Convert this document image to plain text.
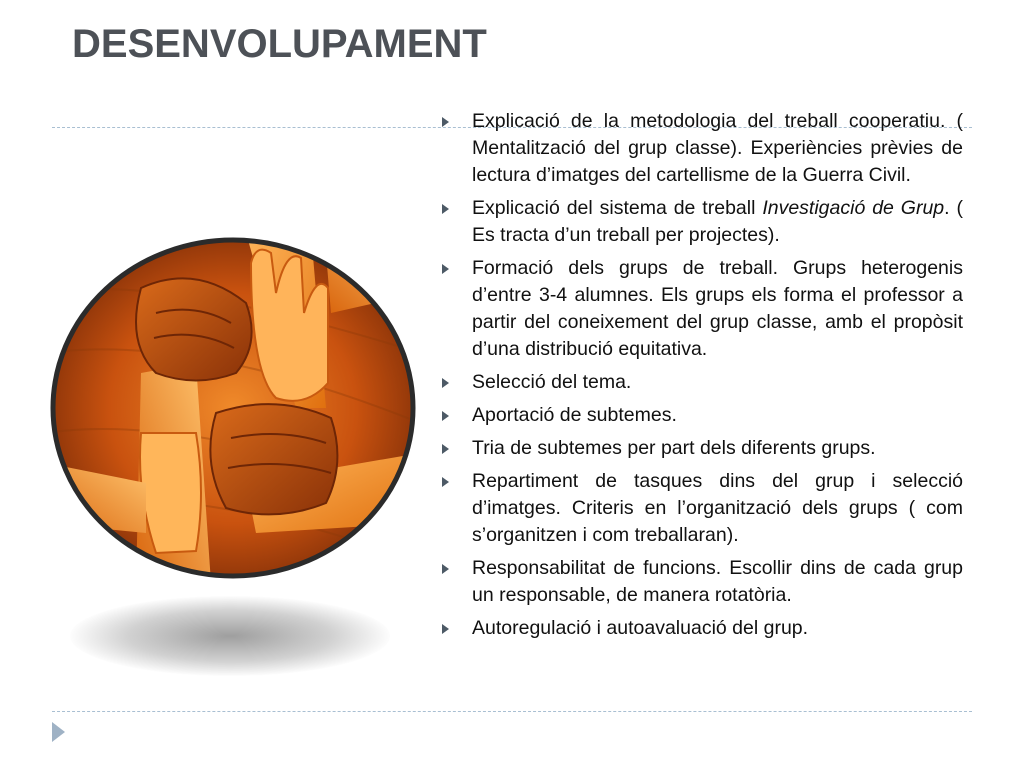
DESENVOLUPAMENT
Explicació de la metodologia del treball cooperatiu. ( Mentalització del grup classe). Experiències prèvies de lectura d’imatges del cartellisme de la Guerra Civil.
Explicació del sistema de treball Investigació de Grup. ( Es tracta d’un treball per projectes).
Formació dels grups de treball. Grups heterogenis d’entre 3-4 alumnes. Els grups els forma el professor a partir del coneixement del grup classe, amb el propòsit d’una distribució equitativa.
Selecció del tema.
Aportació de subtemes.
Tria de subtemes per part dels diferents grups.
Repartiment de tasques dins del grup i selecció d’imatges. Criteris en l’organització dels grups ( com s’organitzen i com treballaran).
Responsabilitat de funcions. Escollir dins de cada grup un responsable, de manera rotatòria.
Autoregulació i autoavaluació del grup.
